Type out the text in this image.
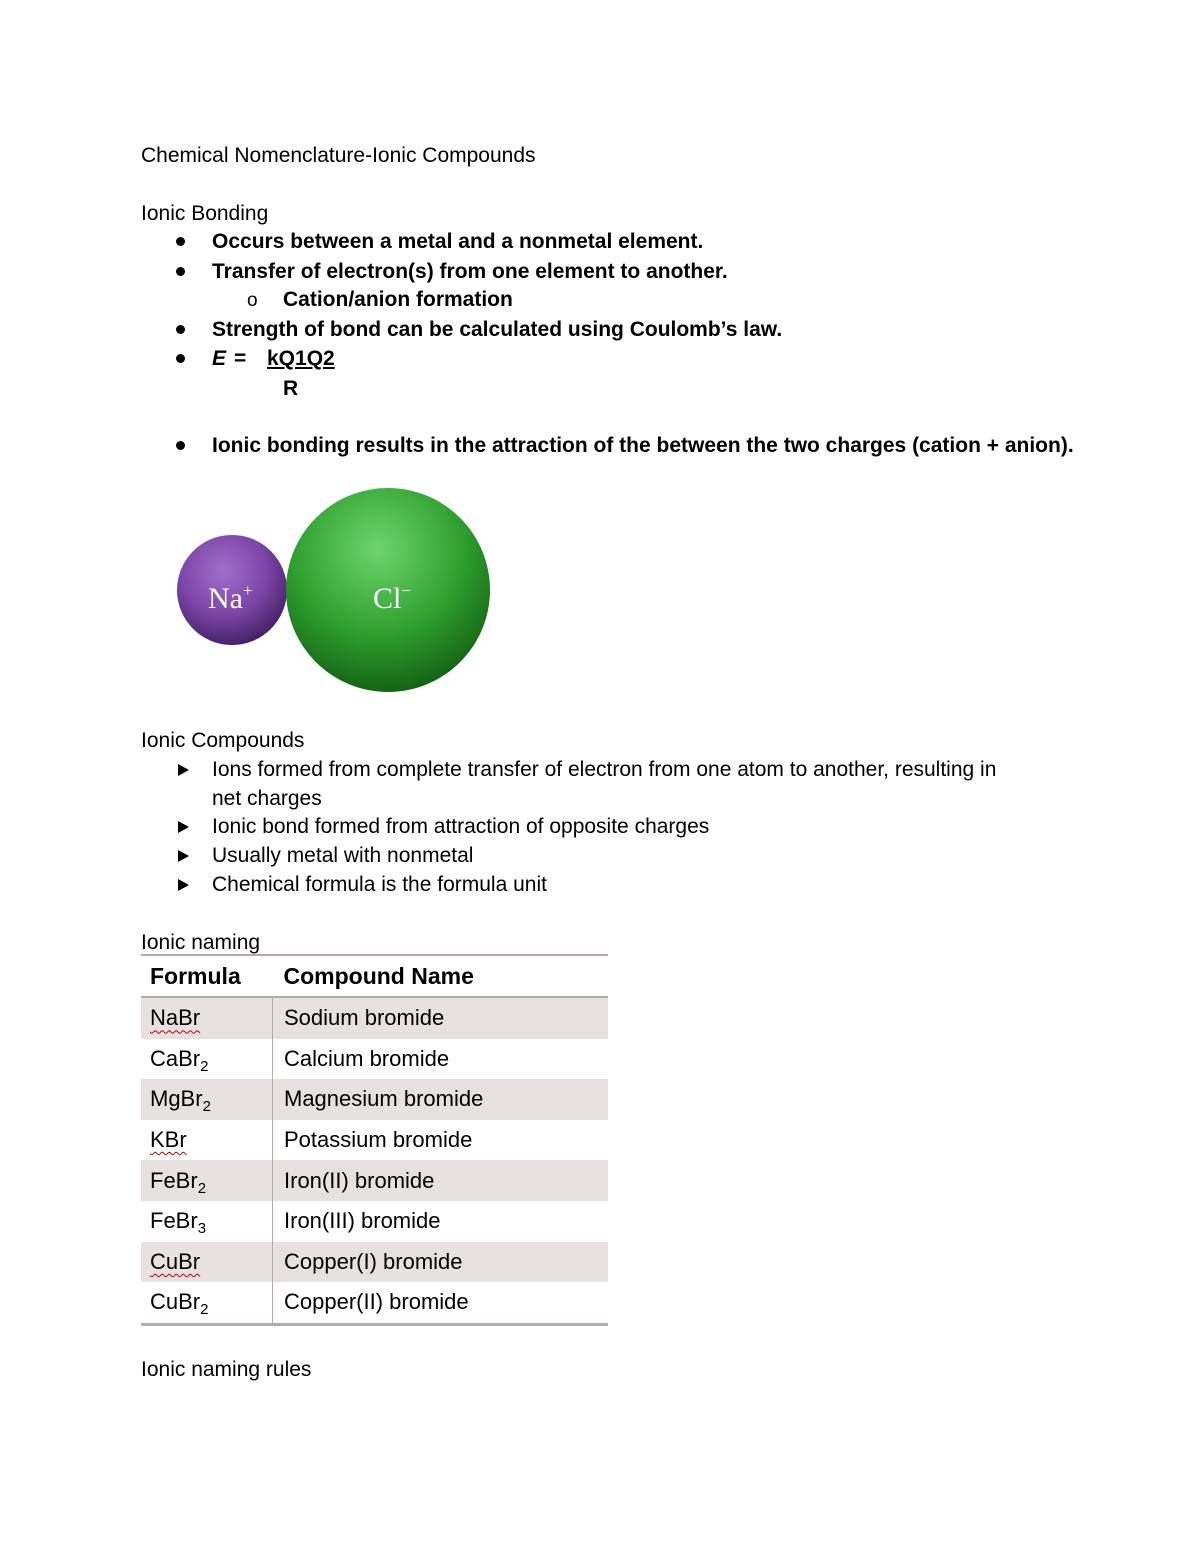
Chemical Nomenclature-Ionic Compounds
Ionic Bonding
Occurs between a metal and a nonmetal element.
Transfer of electron(s) from one element to another.
o Cation/anion formation
Strength of bond can be calculated using Coulomb’s law.
E = kQ1Q2
R
Ionic bonding results in the attraction of the between the two charges (cation + anion).
Na+	Cl−
Ionic Compounds
Ions formed from complete transfer of electron from one atom to another, resulting in
net charges
Ionic bond formed from attraction of opposite charges
Usually metal with nonmetal
Chemical formula is the formula unit
Ionic naming
Formula	Compound Name
NaBr	Sodium bromide
CaBr$_2$	Calcium bromide
MgBr$_2$	Magnesium bromide
KBr	Potassium bromide
FeBr$_2$	Iron(II) bromide
FeBr$_3$	Iron(III) bromide
CuBr	Copper(I) bromide
CuBr$_2$	Copper(II) bromide
Ionic naming rules
